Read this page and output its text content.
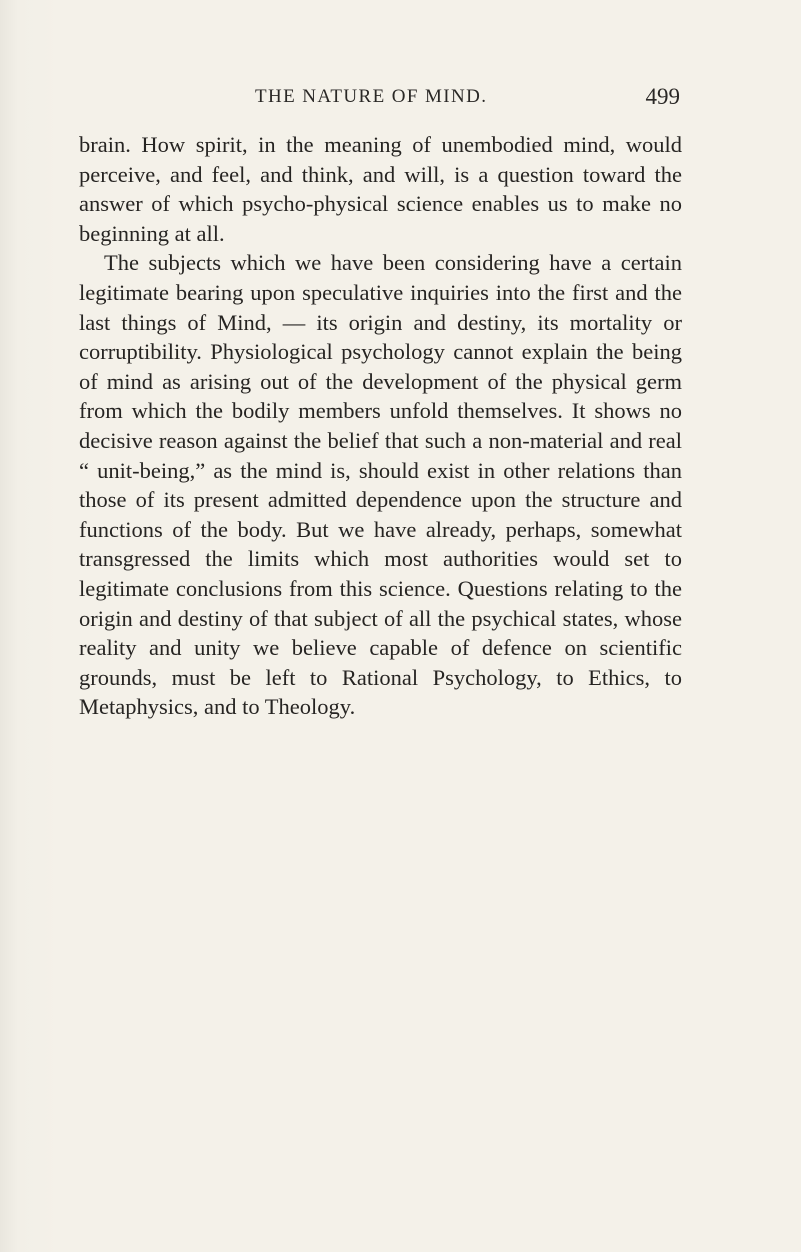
THE NATURE OF MIND.	499

brain. How spirit, in the meaning of unembodied mind, would perceive, and feel, and think, and will, is a question toward the answer of which psycho-physical science enables us to make no beginning at all.

The subjects which we have been considering have a certain legitimate bearing upon speculative inquiries into the first and the last things of Mind, — its origin and destiny, its mortality or corruptibility. Physiological psychology cannot explain the being of mind as arising out of the development of the physical germ from which the bodily members unfold themselves. It shows no decisive reason against the belief that such a non-material and real “ unit-being,” as the mind is, should exist in other relations than those of its present admitted dependence upon the structure and functions of the body. But we have already, perhaps, somewhat transgressed the limits which most authorities would set to legitimate conclusions from this science. Questions relating to the origin and destiny of that subject of all the psychical states, whose reality and unity we believe capable of defence on scientific grounds, must be left to Rational Psychology, to Ethics, to Metaphysics, and to Theology.
